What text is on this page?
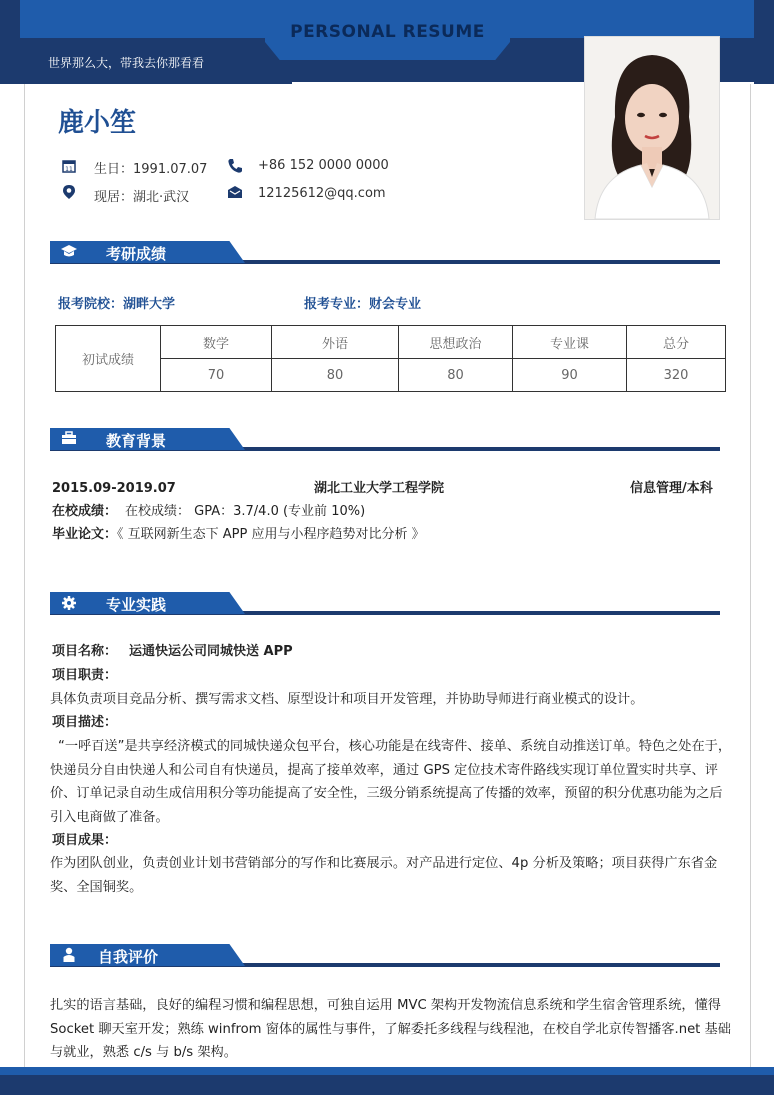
PERSONAL RESUME
世界那么大，带我去你那看看
鹿小笙
11 生日：1991.07.07	+86 152 0000 0000
现居：湖北·武汉	12125612@qq.com
考研成绩
报考院校：湖畔大学	报考专业：财会专业
初试成绩	数学	外语	思想政治	专业课	总分
	70	80	80	90	320
教育背景
2015.09-2019.07	湖北工业大学工程学院	信息管理/本科
在校成绩： 在校成绩： GPA：3.7/4.0 (专业前 10%)
毕业论文：《 互联网新生态下 APP 应用与小程序趋势对比分析 》
专业实践
项目名称： 运通快运公司同城快送 APP
项目职责：
具体负责项目竞品分析、撰写需求文档、原型设计和项目开发管理，并协助导师进行商业模式的设计。
项目描述：
“一呼百送”是共享经济模式的同城快递众包平台，核心功能是在线寄件、接单、系统自动推送订单。特色之处在于，快递员分自由快递人和公司自有快递员，提高了接单效率，通过 GPS 定位技术寄件路线实现订单位置实时共享、评价、订单记录自动生成信用积分等功能提高了安全性，三级分销系统提高了传播的效率，预留的积分优惠功能为之后引入电商做了准备。
项目成果：
作为团队创业，负责创业计划书营销部分的写作和比赛展示。对产品进行定位、4p 分析及策略；项目获得广东省金奖、全国铜奖。
自我评价
扎实的语言基础，良好的编程习惯和编程思想，可独自运用 MVC 架构开发物流信息系统和学生宿舍管理系统，懂得 Socket 聊天室开发；熟练 winfrom 窗体的属性与事件，了解委托多线程与线程池，在校自学北京传智播客.net 基础与就业，熟悉 c/s 与 b/s 架构。
